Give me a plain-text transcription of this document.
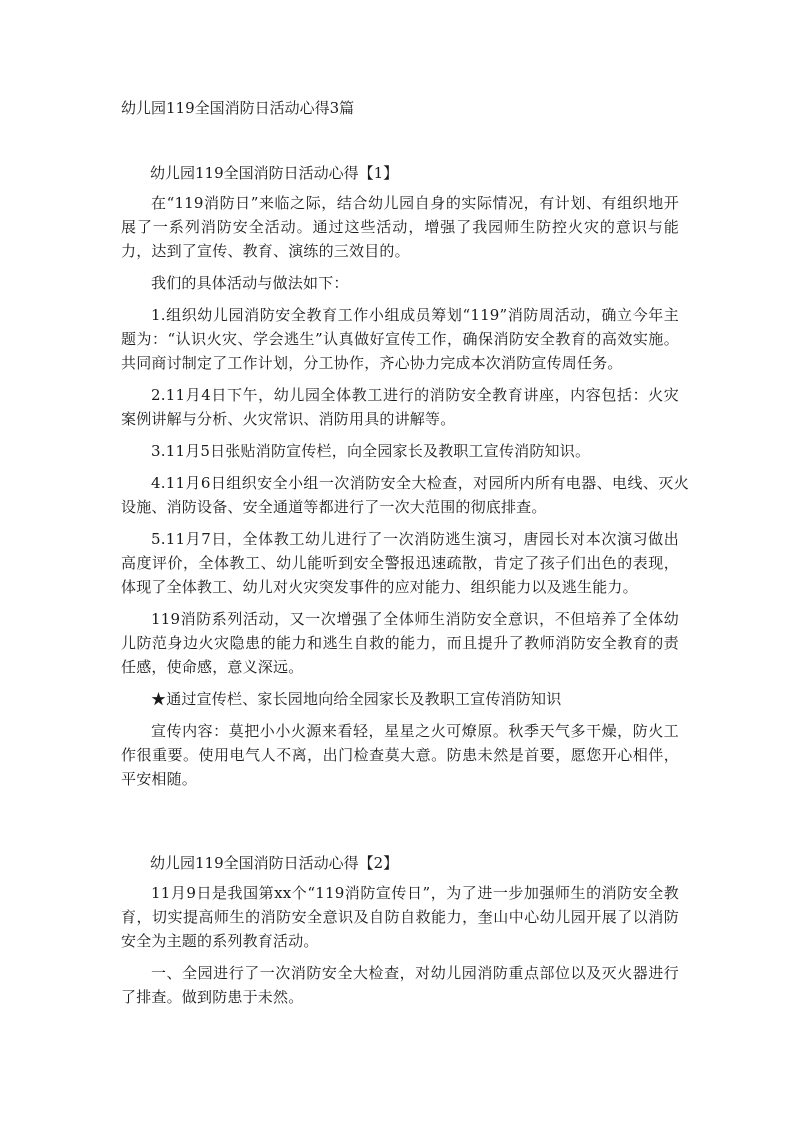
幼儿园119全国消防日活动心得3篇

幼儿园119全国消防日活动心得【1】

在“119消防日”来临之际，结合幼儿园自身的实际情况，有计划、有组织地开展了一系列消防安全活动。通过这些活动，增强了我园师生防控火灾的意识与能力，达到了宣传、教育、演练的三效目的。

我们的具体活动与做法如下：

1.组织幼儿园消防安全教育工作小组成员筹划“119”消防周活动，确立今年主题为：“认识火灾、学会逃生”认真做好宣传工作，确保消防安全教育的高效实施。共同商讨制定了工作计划，分工协作，齐心协力完成本次消防宣传周任务。

2.11月4日下午，幼儿园全体教工进行的消防安全教育讲座，内容包括：火灾案例讲解与分析、火灾常识、消防用具的讲解等。

3.11月5日张贴消防宣传栏，向全园家长及教职工宣传消防知识。

4.11月6日组织安全小组一次消防安全大检查，对园所内所有电器、电线、灭火设施、消防设备、安全通道等都进行了一次大范围的彻底排查。

5.11月7日，全体教工幼儿进行了一次消防逃生演习，唐园长对本次演习做出高度评价，全体教工、幼儿能听到安全警报迅速疏散，肯定了孩子们出色的表现，体现了全体教工、幼儿对火灾突发事件的应对能力、组织能力以及逃生能力。

119消防系列活动，又一次增强了全体师生消防安全意识，不但培养了全体幼儿防范身边火灾隐患的能力和逃生自救的能力，而且提升了教师消防安全教育的责任感，使命感，意义深远。

★通过宣传栏、家长园地向给全园家长及教职工宣传消防知识

宣传内容：莫把小小火源来看轻，星星之火可燎原。秋季天气多干燥，防火工作很重要。使用电气人不离，出门检查莫大意。防患未然是首要，愿您开心相伴，平安相随。

幼儿园119全国消防日活动心得【2】

11月9日是我国第xx个“119消防宣传日”，为了进一步加强师生的消防安全教育，切实提高师生的消防安全意识及自防自救能力，奎山中心幼儿园开展了以消防安全为主题的系列教育活动。

一、全园进行了一次消防安全大检查，对幼儿园消防重点部位以及灭火器进行了排查。做到防患于未然。
